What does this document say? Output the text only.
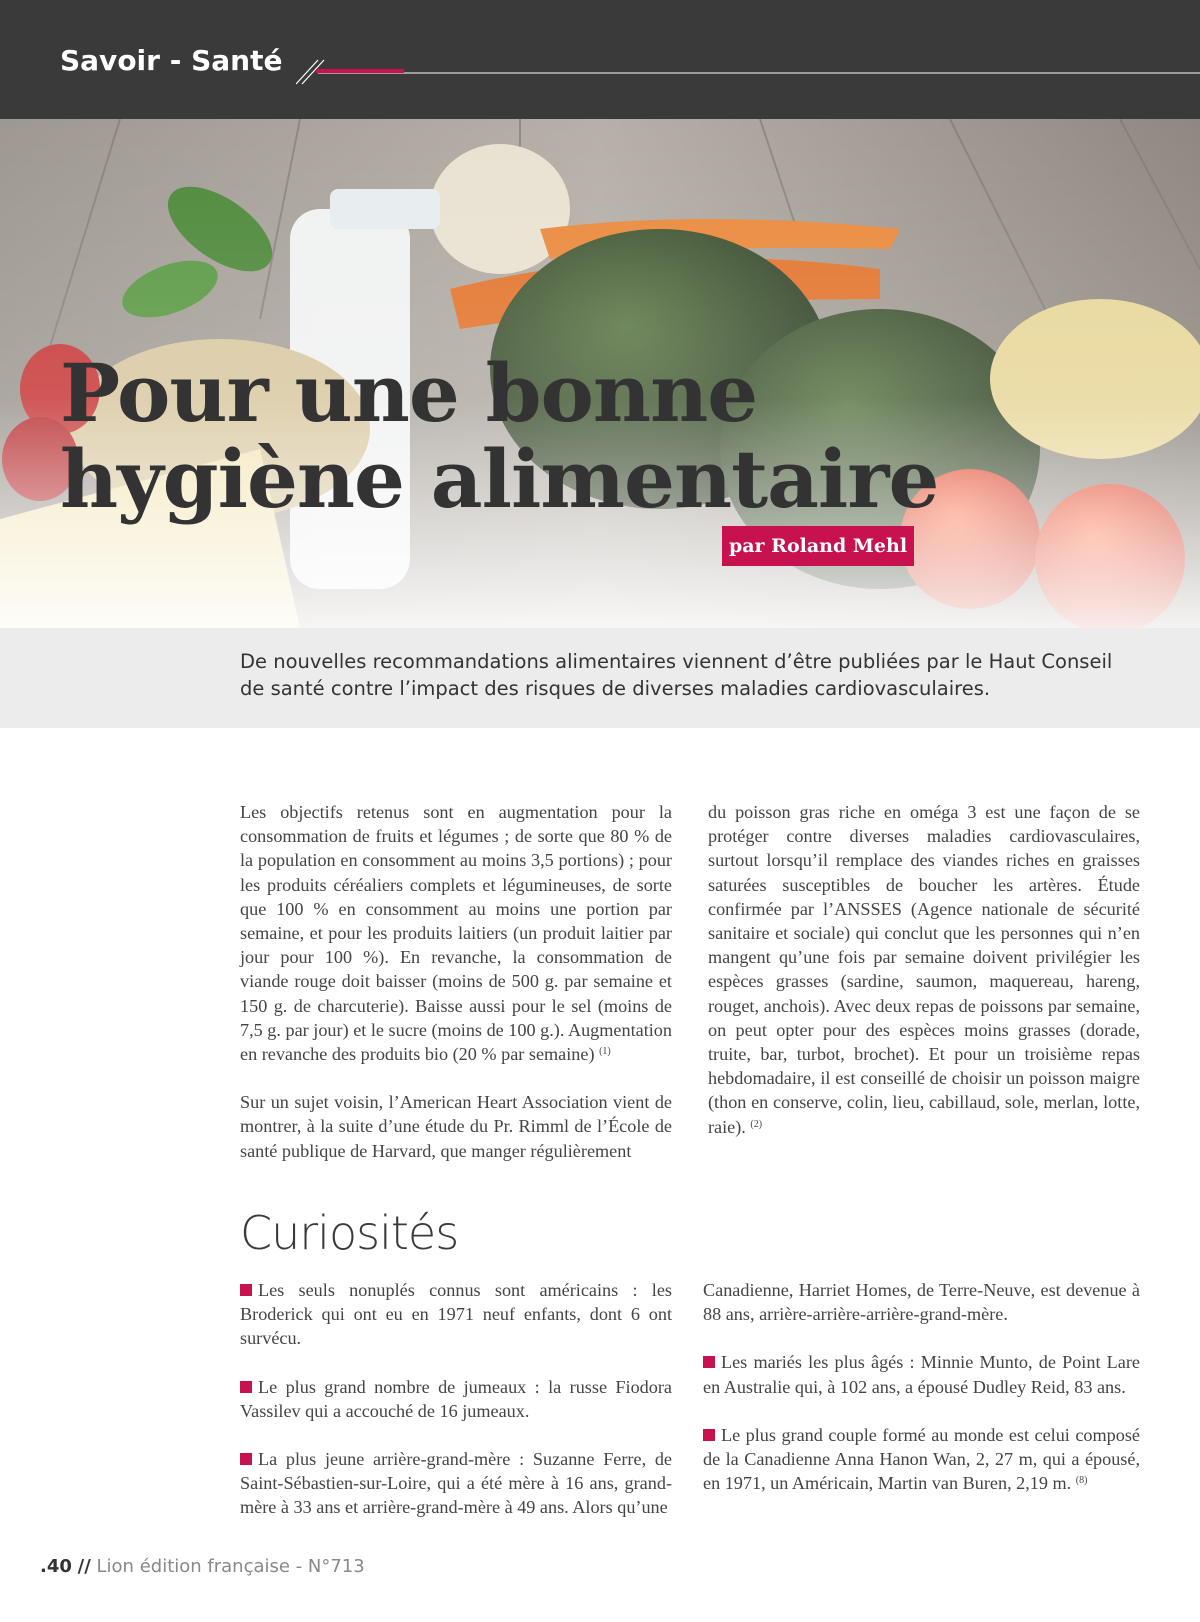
Savoir - Santé
Pour une bonne
hygiène alimentaire
par Roland Mehl

De nouvelles recommandations alimentaires viennent d’être publiées par le Haut Conseil de santé contre l’impact des risques de diverses maladies cardiovasculaires.

Les objectifs retenus sont en augmentation pour la consommation de fruits et légumes ; de sorte que 80 % de la population en consomment au moins 3,5 portions) ; pour les produits céréaliers complets et légumineuses, de sorte que 100 % en consomment au moins une portion par semaine, et pour les produits laitiers (un produit laitier par jour pour 100 %). En revanche, la consommation de viande rouge doit baisser (moins de 500 g. par semaine et 150 g. de charcuterie). Baisse aussi pour le sel (moins de 7,5 g. par jour) et le sucre (moins de 100 g.). Augmentation en revanche des produits bio (20 % par semaine) $^{(1)}$

Sur un sujet voisin, l’American Heart Association vient de montrer, à la suite d’une étude du Pr. Rimml de l’École de santé publique de Harvard, que manger régulièrement

du poisson gras riche en oméga 3 est une façon de se protéger contre diverses maladies cardiovasculaires, surtout lorsqu’il remplace des viandes riches en graisses saturées susceptibles de boucher les artères. Étude confirmée par l’ANSSES (Agence nationale de sécurité sanitaire et sociale) qui conclut que les personnes qui n’en mangent qu’une fois par semaine doivent privilégier les espèces grasses (sardine, saumon, maquereau, hareng, rouget, anchois). Avec deux repas de poissons par semaine, on peut opter pour des espèces moins grasses (dorade, truite, bar, turbot, brochet). Et pour un troisième repas hebdomadaire, il est conseillé de choisir un poisson maigre (thon en conserve, colin, lieu, cabillaud, sole, merlan, lotte, raie). $^{(2)}$

Curiosités

Les seuls nonuplés connus sont américains : les Broderick qui ont eu en 1971 neuf enfants, dont 6 ont survécu.

Le plus grand nombre de jumeaux : la russe Fiodora Vassilev qui a accouché de 16 jumeaux.

La plus jeune arrière-grand-mère : Suzanne Ferre, de Saint-Sébastien-sur-Loire, qui a été mère à 16 ans, grand-mère à 33 ans et arrière-grand-mère à 49 ans. Alors qu’une

Canadienne, Harriet Homes, de Terre-Neuve, est devenue à 88 ans, arrière-arrière-arrière-grand-mère.

Les mariés les plus âgés : Minnie Munto, de Point Lare en Australie qui, à 102 ans, a épousé Dudley Reid, 83 ans.

Le plus grand couple formé au monde est celui composé de la Canadienne Anna Hanon Wan, 2, 27 m, qui a épousé, en 1971, un Américain, Martin van Buren, 2,19 m. $^{(8)}$

.40 // Lion édition française - N°713
